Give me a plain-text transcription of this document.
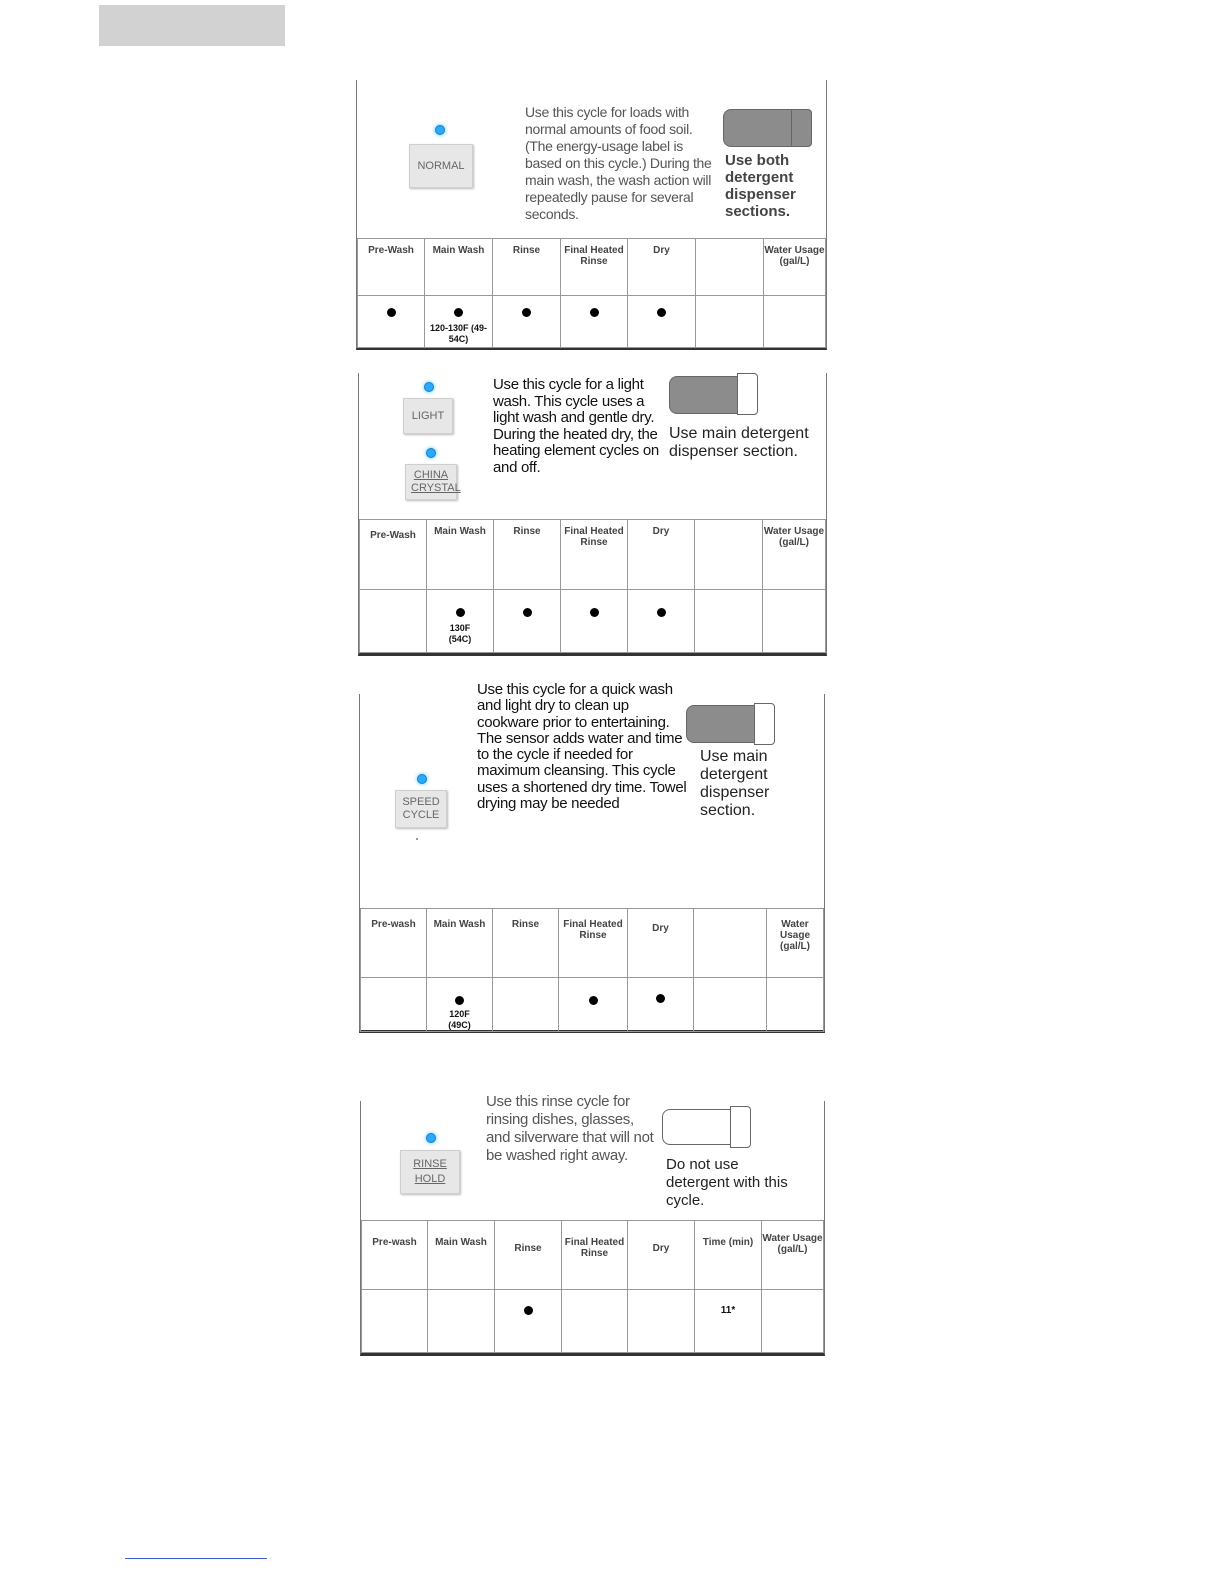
NORMAL
Use this cycle for loads with normal amounts of food soil. (The energy-usage label is based on this cycle.) During the main wash, the wash action will repeatedly pause for several seconds.
Use both detergent dispenser sections.
Pre-Wash	Main Wash	Rinse	Final Heated Rinse	Dry		Water Usage (gal/L)

	120-130F (49-54C)					

LIGHT
CHINA CRYSTAL
Use this cycle for a light wash. This cycle uses a light wash and gentle dry. During the heated dry, the heating element cycles on and off.
Use main detergent dispenser section.
Pre-Wash	Main Wash	Rinse	Final Heated Rinse	Dry		Water Usage (gal/L)

	130F (54C)					

SPEED CYCLE
Use this cycle for a quick wash and light dry to clean up cookware prior to entertaining. The sensor adds water and time to the cycle if needed for maximum cleansing. This cycle uses a shortened dry time. Towel drying may be needed
Use main detergent dispenser section.
Pre-wash	Main Wash	Rinse	Final Heated Rinse	Dry		Water Usage (gal/L)

	120F (49C)					

RINSE HOLD
Use this rinse cycle for rinsing dishes, glasses, and silverware that will not be washed right away.
Do not use detergent with this cycle.
Pre-wash	Main Wash	Rinse	Final Heated Rinse	Dry	Time (min)	Water Usage (gal/L)
					11*	
